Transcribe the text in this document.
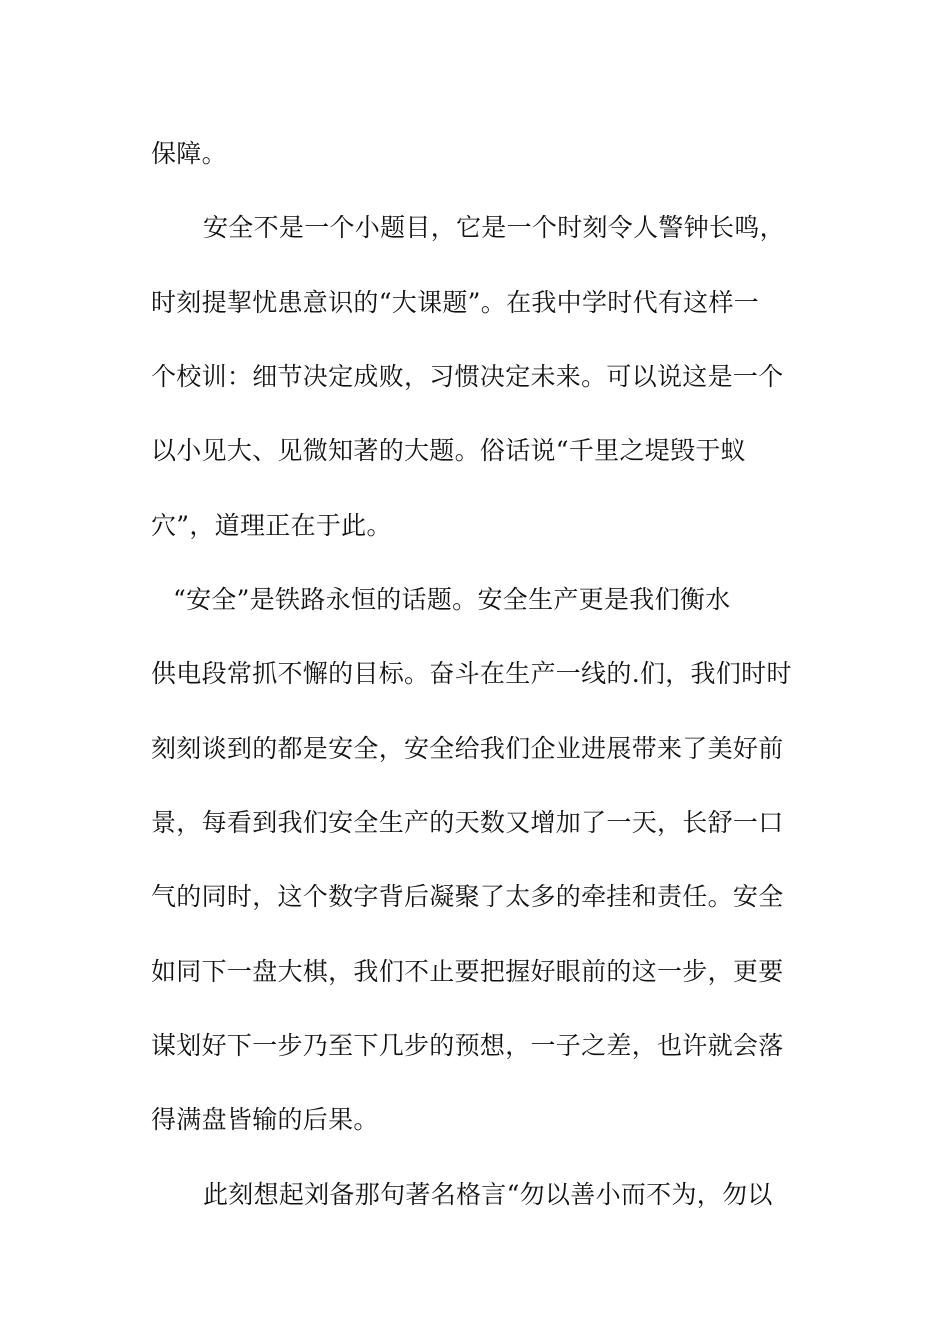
保障。

安全不是一个小题目，它是一个时刻令人警钟长鸣，

时刻提挈忧患意识的“大课题”。在我中学时代有这样一

个校训：细节决定成败，习惯决定未来。可以说这是一个

以小见大、见微知著的大题。俗话说“千里之堤毁于蚁

穴”，道理正在于此。

“安全”是铁路永恒的话题。安全生产更是我们衡水

供电段常抓不懈的目标。奋斗在生产一线的.们，我们时时

刻刻谈到的都是安全，安全给我们企业进展带来了美好前

景，每看到我们安全生产的天数又增加了一天，长舒一口

气的同时，这个数字背后凝聚了太多的牵挂和责任。安全

如同下一盘大棋，我们不止要把握好眼前的这一步，更要

谋划好下一步乃至下几步的预想，一子之差，也许就会落

得满盘皆输的后果。

此刻想起刘备那句著名格言“勿以善小而不为，勿以
